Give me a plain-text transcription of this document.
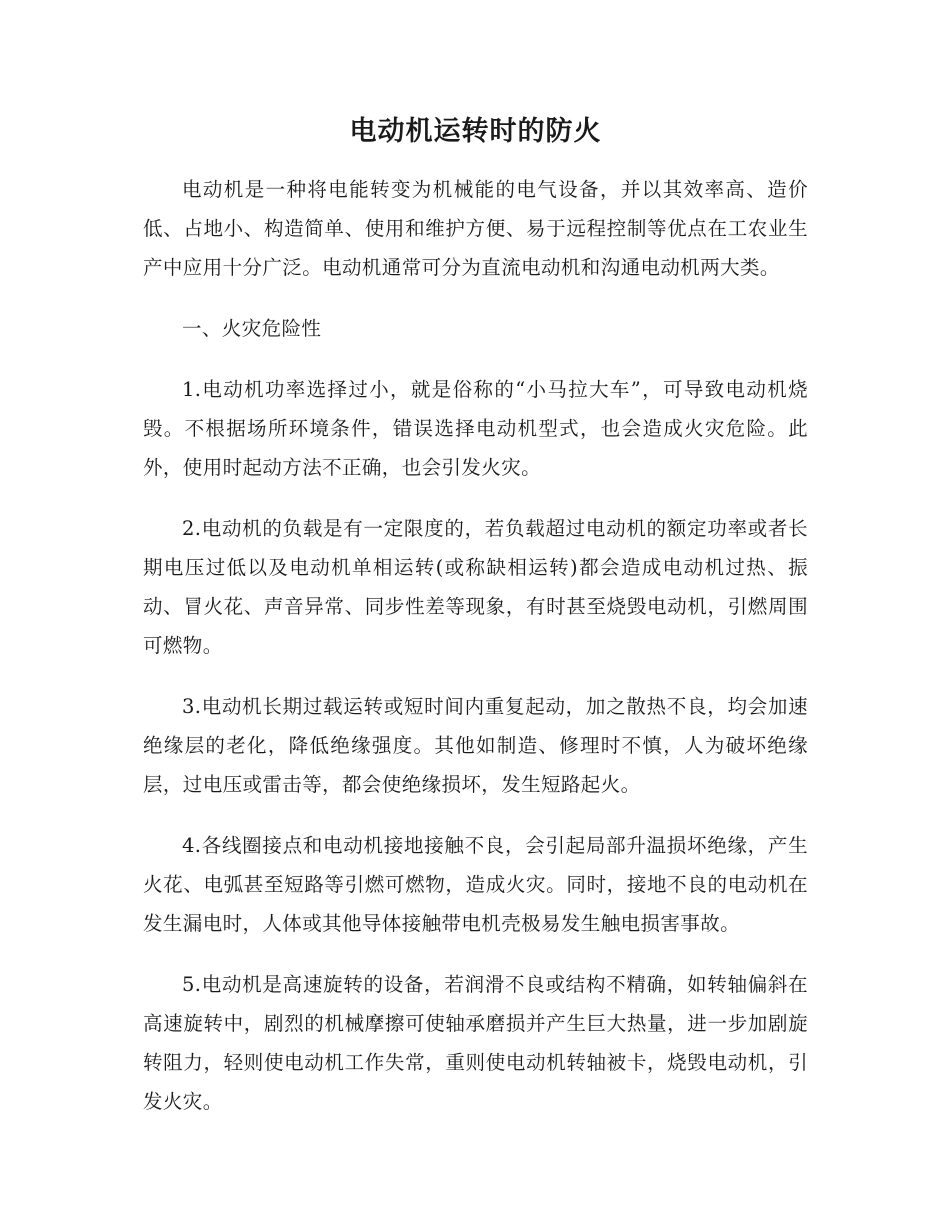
电动机运转时的防火

电动机是一种将电能转变为机械能的电气设备，并以其效率高、造价低、占地小、构造简单、使用和维护方便、易于远程控制等优点在工农业生产中应用十分广泛。电动机通常可分为直流电动机和沟通电动机两大类。

一、火灾危险性

1.电动机功率选择过小，就是俗称的“小马拉大车”，可导致电动机烧毁。不根据场所环境条件，错误选择电动机型式，也会造成火灾危险。此外，使用时起动方法不正确，也会引发火灾。

2.电动机的负载是有一定限度的，若负载超过电动机的额定功率或者长期电压过低以及电动机单相运转(或称缺相运转)都会造成电动机过热、振动、冒火花、声音异常、同步性差等现象，有时甚至烧毁电动机，引燃周围可燃物。

3.电动机长期过载运转或短时间内重复起动，加之散热不良，均会加速绝缘层的老化，降低绝缘强度。其他如制造、修理时不慎，人为破坏绝缘层，过电压或雷击等，都会使绝缘损坏，发生短路起火。

4.各线圈接点和电动机接地接触不良，会引起局部升温损坏绝缘，产生火花、电弧甚至短路等引燃可燃物，造成火灾。同时，接地不良的电动机在发生漏电时，人体或其他导体接触带电机壳极易发生触电损害事故。

5.电动机是高速旋转的设备，若润滑不良或结构不精确，如转轴偏斜在高速旋转中，剧烈的机械摩擦可使轴承磨损并产生巨大热量，进一步加剧旋转阻力，轻则使电动机工作失常，重则使电动机转轴被卡，烧毁电动机，引发火灾。
